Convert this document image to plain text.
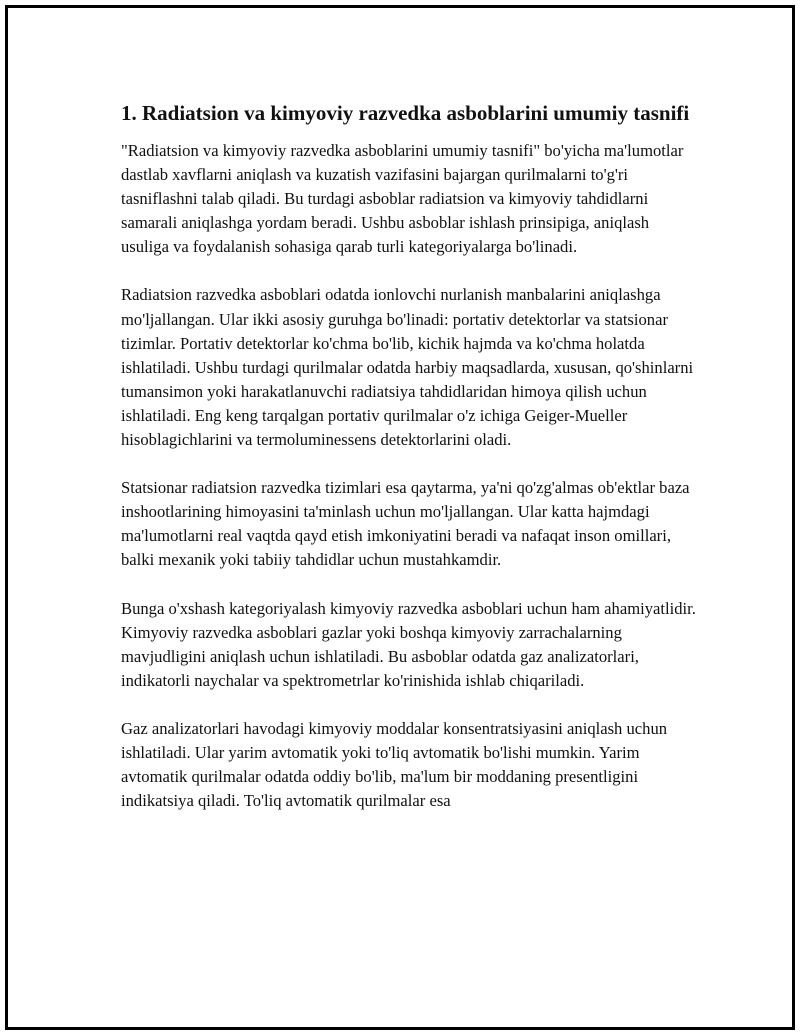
1. Radiatsion va kimyoviy razvedka asboblarini umumiy tasnifi

"Radiatsion va kimyoviy razvedka asboblarini umumiy tasnifi" bo'yicha ma'lumotlar dastlab xavflarni aniqlash va kuzatish vazifasini bajargan qurilmalarni to'g'ri tasniflashni talab qiladi. Bu turdagi asboblar radiatsion va kimyoviy tahdidlarni samarali aniqlashga yordam beradi. Ushbu asboblar ishlash prinsipiga, aniqlash usuliga va foydalanish sohasiga qarab turli kategoriyalarga bo'linadi.

Radiatsion razvedka asboblari odatda ionlovchi nurlanish manbalarini aniqlashga mo'ljallangan. Ular ikki asosiy guruhga bo'linadi: portativ detektorlar va statsionar tizimlar. Portativ detektorlar ko'chma bo'lib, kichik hajmda va ko'chma holatda ishlatiladi. Ushbu turdagi qurilmalar odatda harbiy maqsadlarda, xususan, qo'shinlarni tumansimon yoki harakatlanuvchi radiatsiya tahdidlaridan himoya qilish uchun ishlatiladi. Eng keng tarqalgan portativ qurilmalar o'z ichiga Geiger-Mueller hisoblagichlarini va termoluminessens detektorlarini oladi.

Statsionar radiatsion razvedka tizimlari esa qaytarma, ya'ni qo'zg'almas ob'ektlar baza inshootlarining himoyasini ta'minlash uchun mo'ljallangan. Ular katta hajmdagi ma'lumotlarni real vaqtda qayd etish imkoniyatini beradi va nafaqat inson omillari, balki mexanik yoki tabiiy tahdidlar uchun mustahkamdir.

Bunga o'xshash kategoriyalash kimyoviy razvedka asboblari uchun ham ahamiyatlidir. Kimyoviy razvedka asboblari gazlar yoki boshqa kimyoviy zarrachalarning mavjudligini aniqlash uchun ishlatiladi. Bu asboblar odatda gaz analizatorlari, indikatorli naychalar va spektrometrlar ko'rinishida ishlab chiqariladi.

Gaz analizatorlari havodagi kimyoviy moddalar konsentratsiyasini aniqlash uchun ishlatiladi. Ular yarim avtomatik yoki to'liq avtomatik bo'lishi mumkin. Yarim avtomatik qurilmalar odatda oddiy bo'lib, ma'lum bir moddaning presentligini indikatsiya qiladi. To'liq avtomatik qurilmalar esa
